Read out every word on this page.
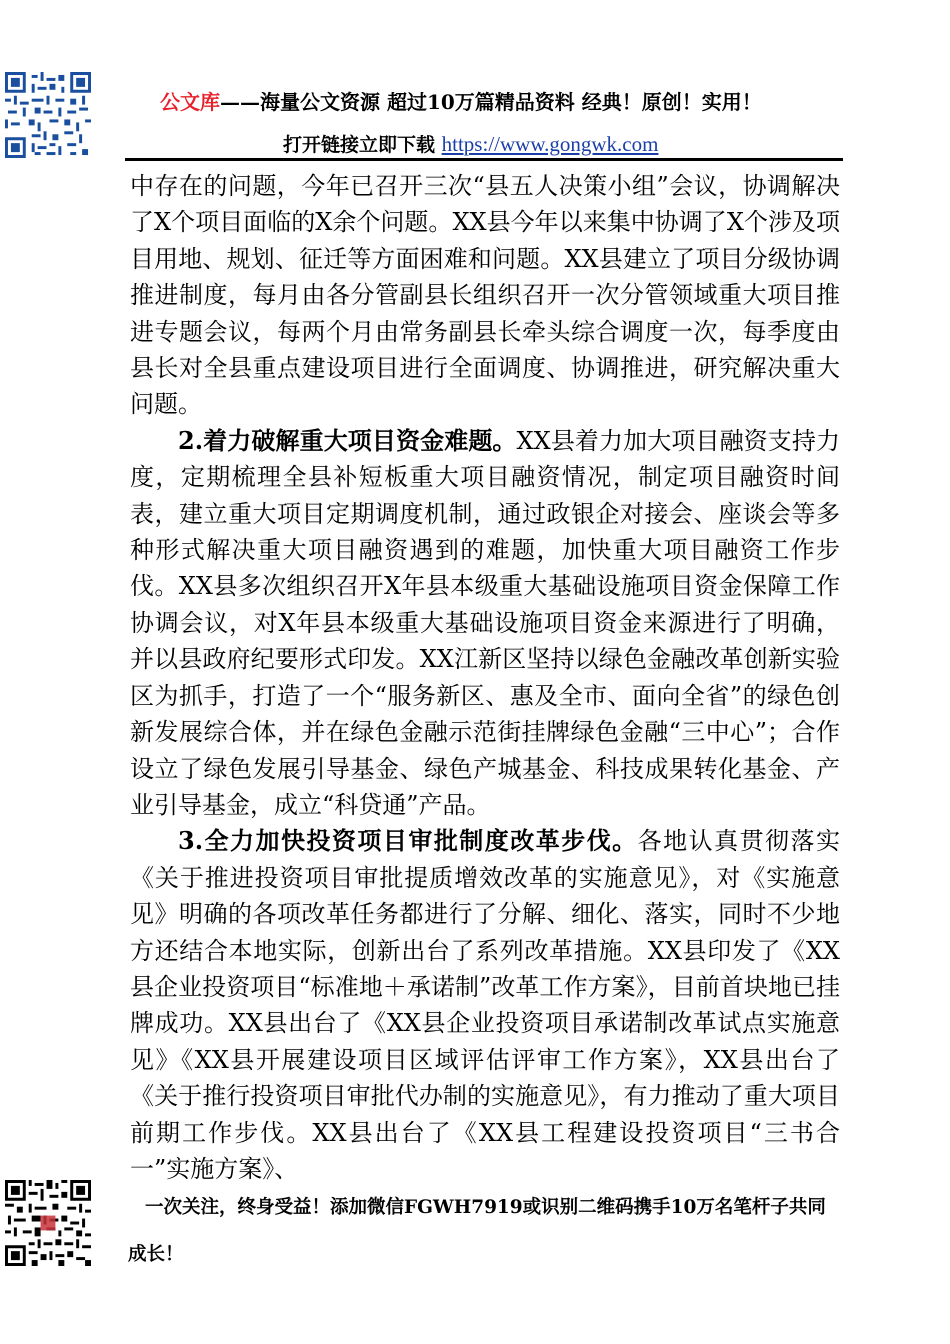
公文库——海量公文资源 超过10万篇精品资料 经典！原创！实用！
打开链接立即下载 https://www.gongwk.com

中存在的问题，今年已召开三次“县五人决策小组”会议，协调解决了X个项目面临的X余个问题。XX县今年以来集中协调了X个涉及项目用地、规划、征迁等方面困难和问题。XX县建立了项目分级协调推进制度，每月由各分管副县长组织召开一次分管领域重大项目推进专题会议，每两个月由常务副县长牵头综合调度一次，每季度由县长对全县重点建设项目进行全面调度、协调推进，研究解决重大问题。

2.着力破解重大项目资金难题。XX县着力加大项目融资支持力度，定期梳理全县补短板重大项目融资情况，制定项目融资时间表，建立重大项目定期调度机制，通过政银企对接会、座谈会等多种形式解决重大项目融资遇到的难题，加快重大项目融资工作步伐。XX县多次组织召开X年县本级重大基础设施项目资金保障工作协调会议，对X年县本级重大基础设施项目资金来源进行了明确，并以县政府纪要形式印发。XX江新区坚持以绿色金融改革创新实验区为抓手，打造了一个“服务新区、惠及全市、面向全省”的绿色创新发展综合体，并在绿色金融示范街挂牌绿色金融“三中心”；合作设立了绿色发展引导基金、绿色产城基金、科技成果转化基金、产业引导基金，成立“科贷通”产品。

3.全力加快投资项目审批制度改革步伐。各地认真贯彻落实《关于推进投资项目审批提质增效改革的实施意见》，对《实施意见》明确的各项改革任务都进行了分解、细化、落实，同时不少地方还结合本地实际，创新出台了系列改革措施。XX县印发了《XX县企业投资项目“标准地＋承诺制”改革工作方案》，目前首块地已挂牌成功。XX县出台了《XX县企业投资项目承诺制改革试点实施意见》《XX县开展建设项目区域评估评审工作方案》，XX县出台了《关于推行投资项目审批代办制的实施意见》，有力推动了重大项目前期工作步伐。XX县出台了《XX县工程建设投资项目“三书合一”实施方案》、

一次关注，终身受益！添加微信FGWH7919或识别二维码携手10万名笔杆子共同
成长！
